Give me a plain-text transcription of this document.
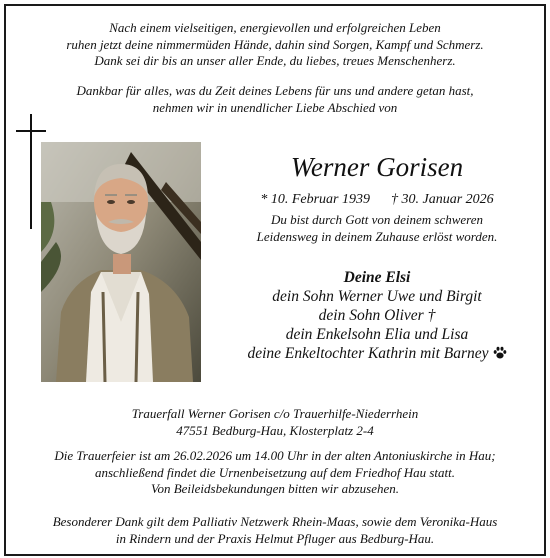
Nach einem vielseitigen, energievollen und erfolgreichen Leben
ruhen jetzt deine nimmermüden Hände, dahin sind Sorgen, Kampf und Schmerz.
Dank sei dir bis an unser aller Ende, du liebes, treues Menschenherz.
Dankbar für alles, was du Zeit deines Lebens für uns und andere getan hast,
nehmen wir in unendlicher Liebe Abschied von
Werner Gorisen
* 10. Februar 1939 † 30. Januar 2026
Du bist durch Gott von deinem schweren
Leidensweg in deinem Zuhause erlöst worden.
Deine Elsi
dein Sohn Werner Uwe und Birgit
dein Sohn Oliver †
dein Enkelsohn Elia und Lisa
deine Enkeltochter Kathrin mit Barney
Trauerfall Werner Gorisen c/o Trauerhilfe-Niederrhein
47551 Bedburg-Hau, Klosterplatz 2-4
Die Trauerfeier ist am 26.02.2026 um 14.00 Uhr in der alten Antoniuskirche in Hau;
anschließend findet die Urnenbeisetzung auf dem Friedhof Hau statt.
Von Beileidsbekundungen bitten wir abzusehen.
Besonderer Dank gilt dem Palliativ Netzwerk Rhein-Maas, sowie dem Veronika-Haus
in Rindern und der Praxis Helmut Pfluger aus Bedburg-Hau.
